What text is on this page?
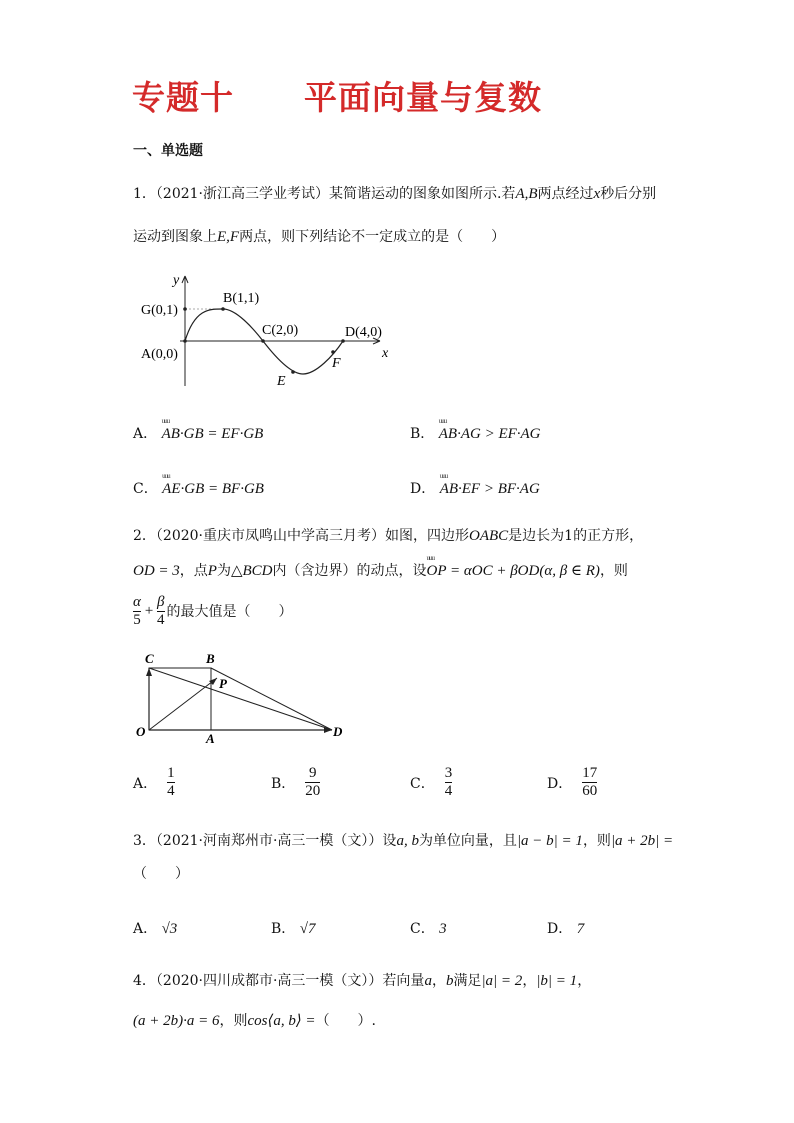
专题十 平面向量与复数
一、单选题
1．（2021·浙江高三学业考试）某简谐运动的图象如图所示.若A,B两点经过x秒后分别
运动到图象上E,F两点，则下列结论不一定成立的是（　　）
y
x
G(0,1)
B(1,1)
C(2,0)	D(4,0)
A(0,0)
E
F
A． uuu AB·GB = EF·GB	B． uuu AB·AG > EF·AG
C． uuu AE·GB = BF·GB	D． uuu AB·EF > BF·AG
2．（2020·重庆市凤鸣山中学高三月考）如图，四边形OABC是边长为1的正方形，
OD = 3，点P为△BCD内（含边界）的动点，设uuu OP = αOC + βOD(α, β ∈ R)，则
$\frac{\alpha}{5} + \frac{\beta}{4}$ 的最大值是（　　）
C	B
P
O	A	D
A． $\frac{1}{4}$	B． $\frac{9}{20}$	C． $\frac{3}{4}$	D． $\frac{17}{60}$
3．（2021·河南郑州市·高三一模（文））设a, b为单位向量，且|a − b| = 1，则|a + 2b| =
（　　）
A． √3	B． √7	C． 3	D． 7
4．（2020·四川成都市·高三一模（文））若向量a，b满足|a| = 2，|b| = 1，
(a + 2b)·a = 6，则cos⟨a, b⟩ =（　　）.
